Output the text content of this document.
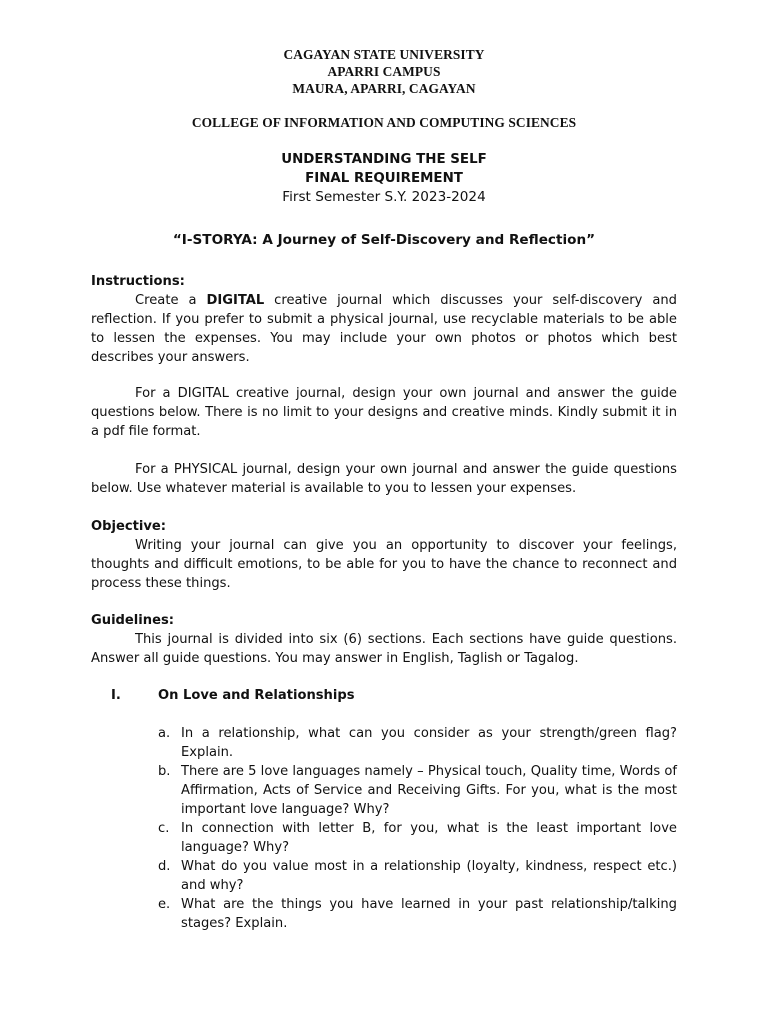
CAGAYAN STATE UNIVERSITY
APARRI CAMPUS
MAURA, APARRI, CAGAYAN
COLLEGE OF INFORMATION AND COMPUTING SCIENCES
UNDERSTANDING THE SELF
FINAL REQUIREMENT
First Semester S.Y. 2023-2024
“I-STORYA: A Journey of Self-Discovery and Reflection”
Instructions:

Create a DIGITAL creative journal which discusses your self-discovery and reflection. If you prefer to submit a physical journal, use recyclable materials to be able to lessen the expenses. You may include your own photos or photos which best describes your answers.

For a DIGITAL creative journal, design your own journal and answer the guide questions below. There is no limit to your designs and creative minds. Kindly submit it in a pdf file format.

For a PHYSICAL journal, design your own journal and answer the guide questions below. Use whatever material is available to you to lessen your expenses.

Objective:

Writing your journal can give you an opportunity to discover your feelings, thoughts and difficult emotions, to be able for you to have the chance to reconnect and process these things.

Guidelines:

This journal is divided into six (6) sections. Each sections have guide questions. Answer all guide questions. You may answer in English, Taglish or Tagalog.

I.	On Love and Relationships
a. In a relationship, what can you consider as your strength/green flag? Explain.
b. There are 5 love languages namely – Physical touch, Quality time, Words of Affirmation, Acts of Service and Receiving Gifts. For you, what is the most important love language? Why?
c. In connection with letter B, for you, what is the least important love language? Why?
d. What do you value most in a relationship (loyalty, kindness, respect etc.) and why?
e. What are the things you have learned in your past relationship/talking stages? Explain.
